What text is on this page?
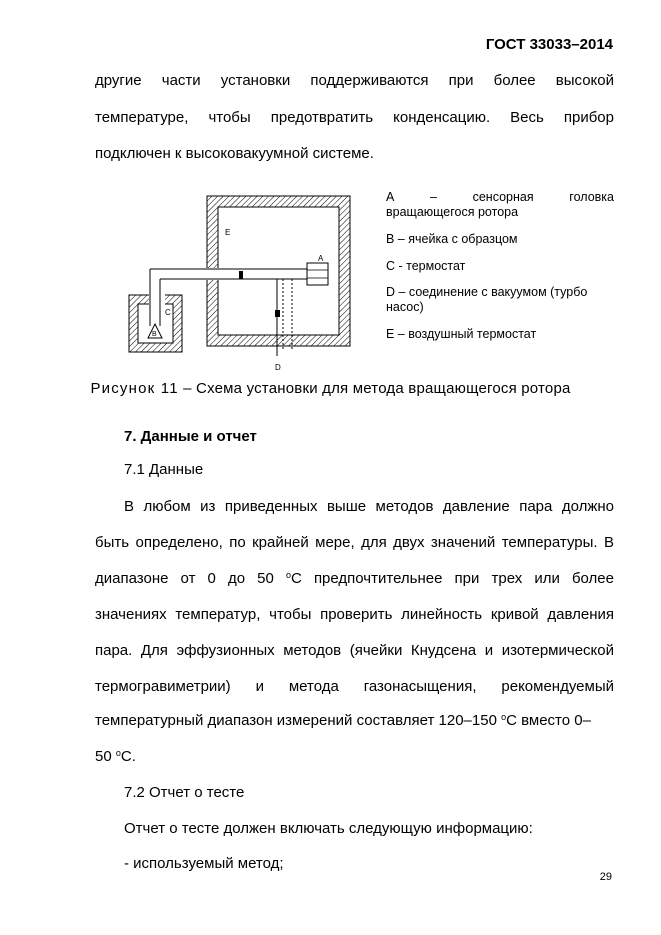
ГОСТ 33033–2014

другие части установки поддерживаются при более высокой

температуре, чтобы предотвратить конденсацию. Весь прибор

подключен к высоковакуумной системе.

E
A
C
B
D
A	–	сенсорная	головка
вращающегося ротора
B – ячейка с образцом
C - термостат
D – соединение с вакуумом (турбо
насос)
E – воздушный термостат
Рисунок 11 – Схема установки для метода вращающегося ротора
7. Данные и отчет
7.1 Данные

В любом из приведенных выше методов давление пара должно

быть определено, по крайней мере, для двух значений температуры. В

диапазоне от 0 до 50 $^o$С предпочтительнее при трех или более

значениях температур, чтобы проверить линейность кривой давления

пара. Для эффузионных методов (ячейки Кнудсена и изотермической

термогравиметрии) и метода газонасыщения, рекомендуемый

температурный диапазон измерений составляет 120–150 $^o$C вместо 0–

50 $^o$C.

7.2 Отчет о тесте
Отчет о тесте должен включать следующую информацию:
- используемый метод;
29
